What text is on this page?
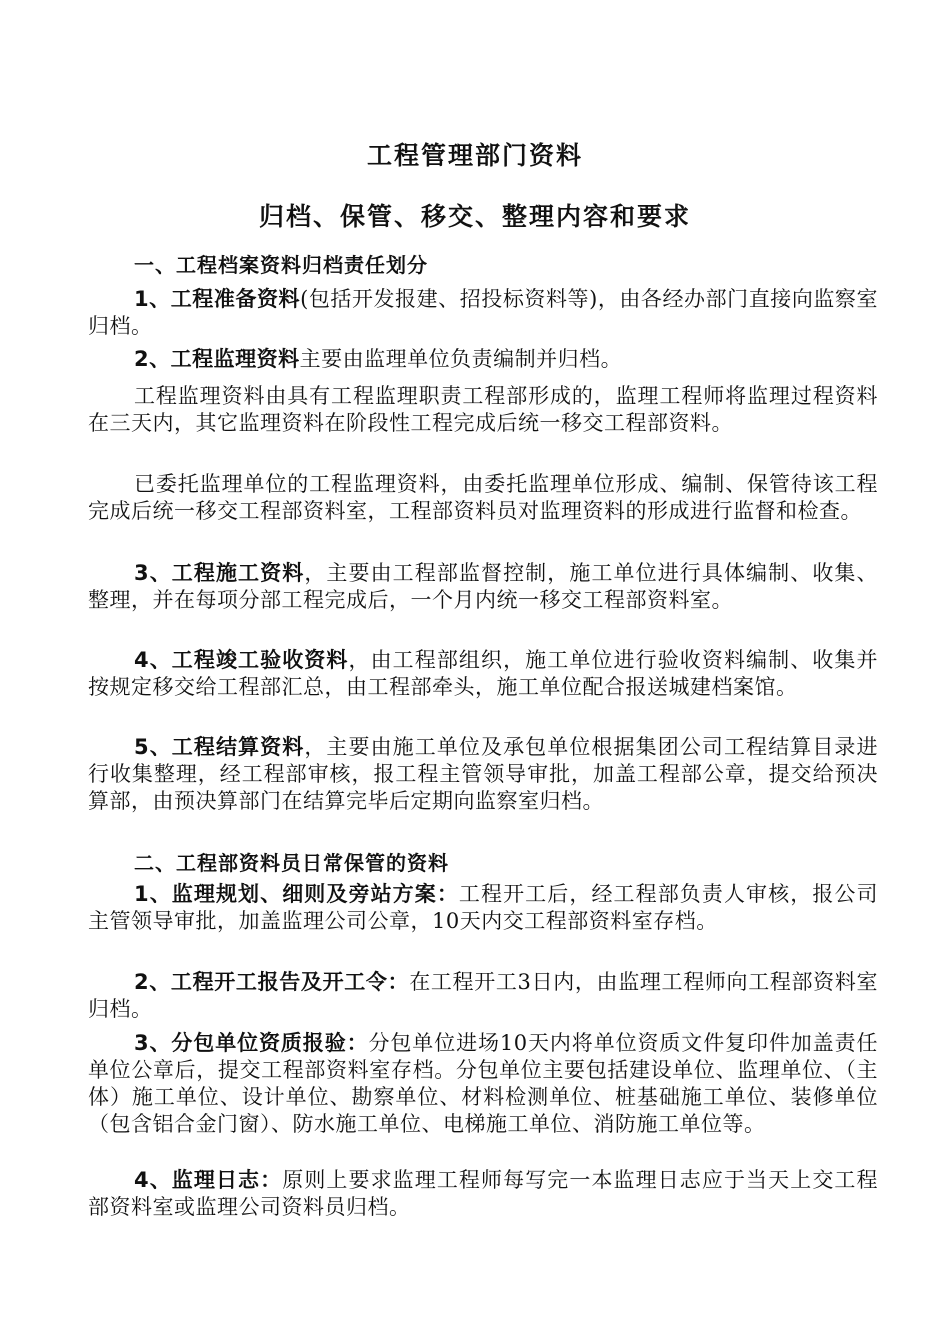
工程管理部门资料
归档、保管、移交、整理内容和要求
一、工程档案资料归档责任划分

1、工程准备资料(包括开发报建、招投标资料等)，由各经办部门直接向监察室归档。

2、工程监理资料主要由监理单位负责编制并归档。

工程监理资料由具有工程监理职责工程部形成的，监理工程师将监理过程资料在三天内，其它监理资料在阶段性工程完成后统一移交工程部资料。

已委托监理单位的工程监理资料，由委托监理单位形成、编制、保管待该工程完成后统一移交工程部资料室，工程部资料员对监理资料的形成进行监督和检查。

3、工程施工资料，主要由工程部监督控制，施工单位进行具体编制、收集、整理，并在每项分部工程完成后，一个月内统一移交工程部资料室。

4、工程竣工验收资料，由工程部组织，施工单位进行验收资料编制、收集并按规定移交给工程部汇总，由工程部牵头，施工单位配合报送城建档案馆。

5、工程结算资料，主要由施工单位及承包单位根据集团公司工程结算目录进行收集整理，经工程部审核，报工程主管领导审批，加盖工程部公章，提交给预决算部，由预决算部门在结算完毕后定期向监察室归档。

二、工程部资料员日常保管的资料

1、监理规划、细则及旁站方案：工程开工后，经工程部负责人审核，报公司主管领导审批，加盖监理公司公章，10天内交工程部资料室存档。

2、工程开工报告及开工令：在工程开工3日内，由监理工程师向工程部资料室归档。

3、分包单位资质报验：分包单位进场10天内将单位资质文件复印件加盖责任单位公章后，提交工程部资料室存档。分包单位主要包括建设单位、监理单位、（主体）施工单位、设计单位、勘察单位、材料检测单位、桩基础施工单位、装修单位（包含铝合金门窗）、防水施工单位、电梯施工单位、消防施工单位等。

4、监理日志：原则上要求监理工程师每写完一本监理日志应于当天上交工程部资料室或监理公司资料员归档。
